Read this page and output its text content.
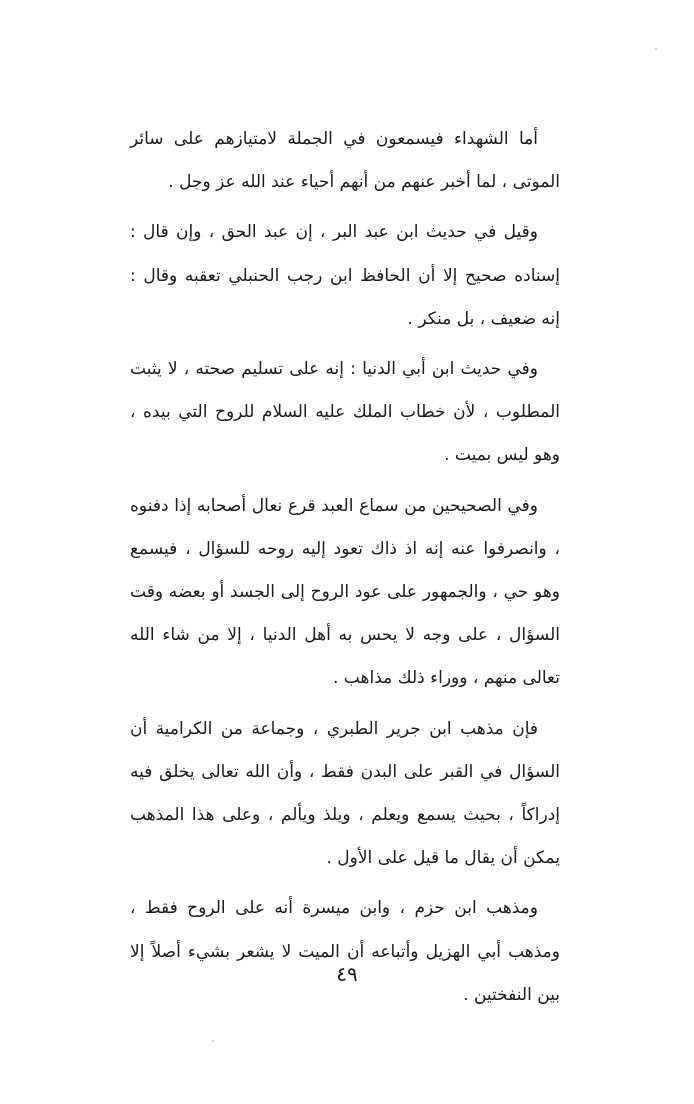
أما الشهداء فيسمعون في الجملة لامتيازهم على سائر الموتى ، لما أخبر عنهم من أنهم أحياء عند الله عز وجل .

وقيل في حديث ابن عبد البر ، إن عبد الحق ، وإن قال : إسناده صحيح إلا أن الحافظ ابن رجب الحنبلي تعقبه وقال : إنه ضعيف ، بل منكر .

وفي حديث ابن أبي الدنيا : إنه على تسليم صحته ، لا يثبت المطلوب ، لأن خطاب الملك عليه السلام للروح التي بيده ، وهو ليس بميت .

وفي الصحيحين من سماع العبد قرع نعال أصحابه إذا دفنوه ، وانصرفوا عنه إنه اذ ذاك تعود إليه روحه للسؤال ، فيسمع وهو حي ، والجمهور على عود الروح إلى الجسد أو بعضه وقت السؤال ، على وجه لا يحس به أهل الدنيا ، إلا من شاء الله تعالى منهم ، ووراء ذلك مذاهب .

فإن مذهب ابن جرير الطبري ، وجماعة من الكرامية أن السؤال في القبر على البدن فقط ، وأن الله تعالى يخلق فيه إدراكاً ، بحيث يسمع ويعلم ، ويلذ ويألم ، وعلى هذا المذهب يمكن أن يقال ما قيل على الأول .

ومذهب ابن حزم ، وابن ميسرة أنه على الروح فقط ، ومذهب أبي الهزيل وأتباعه أن الميت لا يشعر بشيء أصلاً إلا بين النفختين .

٤٩
